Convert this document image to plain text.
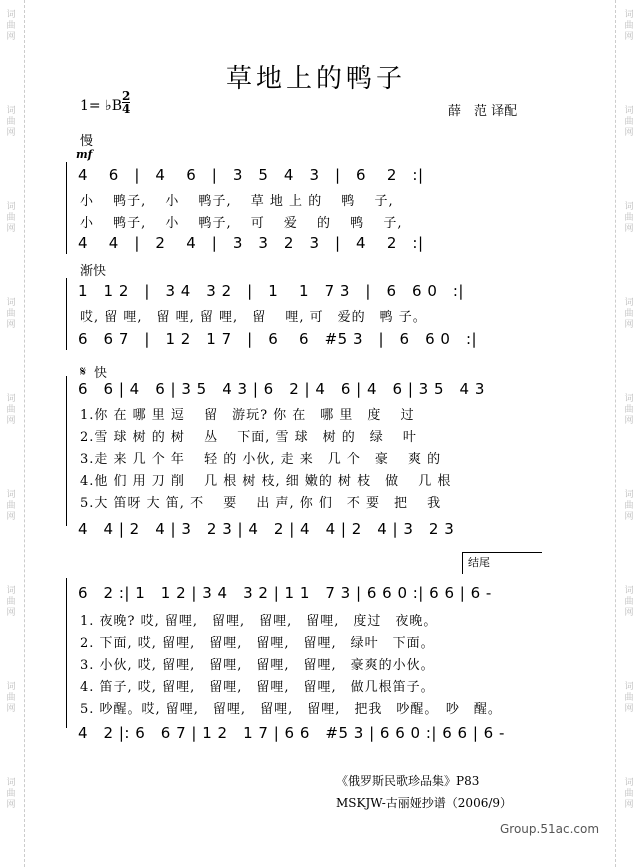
词
曲
网
词
曲
网
词
曲
网
词
曲
网
词
曲
网
词
曲
网
词
曲
网
词
曲
网
词
曲
网
词
曲
网
词
曲
网
词
曲
网
词
曲
网
词
曲
网
词
曲
网
词
曲
网
词
曲
网
词
曲
网
草地上的鸭子
1= ♭B
2
4	薛　范 译配
慢
mf
4　 6　|　4　 6　|　3　5　4　3　|　6　 2　:|
小　 鸭子,　 小　 鸭子,　 草 地 上 的　 鸭　 子,
小　 鸭子,　 小　 鸭子,　 可　 爱　 的　 鸭　 子,
4　 4　|　2　 4　|　3　3　2　3　|　4　 2　:|
渐快
1　1 2　|　3 4　3 2　|　1　 1　7 3　|　6　6 0　:|
哎, 留 哩,　留 哩, 留 哩,　留　 哩, 可　爱的　鸭 子。
6　6 7　|　1 2　1 7　|　6　 6　#5 3　|　6　6 0　:|
𝄋 快
6　6 | 4　6 | 3 5　4 3 | 6　2 | 4　6 | 4　6 | 3 5　4 3
1.你 在 哪 里 逗　 留　游玩? 你 在　哪 里　度　 过
2.雪 球 树 的 树　 丛　 下面, 雪 球　树 的　绿　 叶
3.走 来 几 个 年　 轻 的 小伙, 走 来　几 个　豪　 爽 的
4.他 们 用 刀 削　 几 根 树 枝, 细 嫩的 树 枝　做　 几 根
5.大 笛呀 大 笛, 不　 要　 出 声, 你 们　不 要　把　 我
4　4 | 2　4 | 3　2 3 | 4　2 | 4　4 | 2　4 | 3　2 3
结尾
6　2 :| 1　1 2 | 3 4　3 2 | 1 1　7 3 | 6 6 0 :| 6 6 | 6 -
1. 夜晚? 哎, 留哩,　留哩,　留哩,　留哩,　度过　夜晚。
2. 下面, 哎, 留哩,　留哩,　留哩,　留哩,　绿叶　下面。
3. 小伙, 哎, 留哩,　留哩,　留哩,　留哩,　豪爽的小伙。
4. 笛子, 哎, 留哩,　留哩,　留哩,　留哩,　做几根笛子。
5. 吵醒。哎, 留哩,　留哩,　留哩,　留哩,　把我　吵醒。　吵　醒。
4　2 |: 6　6 7 | 1 2　1 7 | 6 6　#5 3 | 6 6 0 :| 6 6 | 6 -
《俄罗斯民歌珍品集》P83
MSKJW-古丽娅抄谱（2006/9）
Group.51ac.com
